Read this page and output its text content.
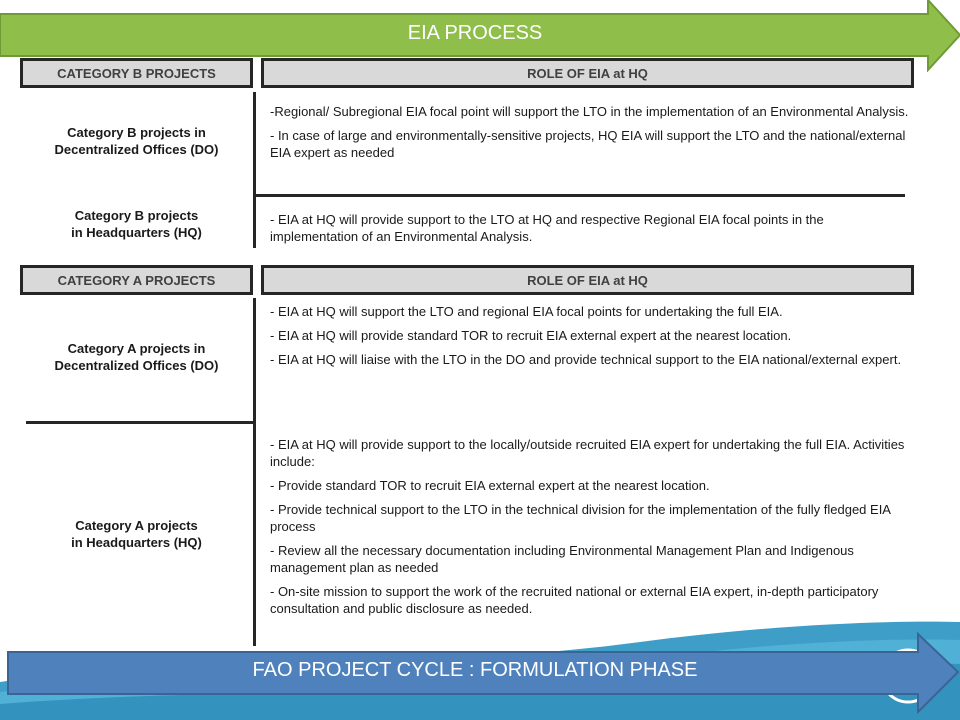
EIA PROCESS
CATEGORY B PROJECTS	ROLE OF EIA at HQ
Category B projects in
Decentralized Offices (DO)

-Regional/ Subregional EIA focal point will support the LTO in the implementation of an Environmental Analysis.

- In case of large and environmentally-sensitive projects, HQ EIA will support the LTO and the national/external EIA expert as needed

Category B projects
in Headquarters (HQ)

- EIA at HQ will provide support to the LTO at HQ and respective Regional EIA focal points in the implementation of an Environmental Analysis.

CATEGORY A PROJECTS	ROLE OF EIA at HQ
Category A projects in
Decentralized Offices (DO)

- EIA at HQ will support the LTO and regional EIA focal points for undertaking the full EIA.

- EIA at HQ will provide standard TOR to recruit EIA external expert at the nearest location.

- EIA at HQ will liaise with the LTO in the DO and provide technical support to the EIA national/external expert.

Category A projects
in Headquarters (HQ)

- EIA at HQ will provide support to the locally/outside recruited EIA expert for undertaking the full EIA. Activities include:

- Provide standard TOR to recruit EIA external expert at the nearest location.

- Provide technical support to the LTO in the technical division for the implementation of the fully fledged EIA process

- Review all the necessary documentation including Environmental Management Plan and Indigenous management plan as needed

- On-site mission to support the work of the recruited national or external EIA expert, in-depth participatory consultation and public disclosure as needed.

FAO PROJECT CYCLE : FORMULATION PHASE
